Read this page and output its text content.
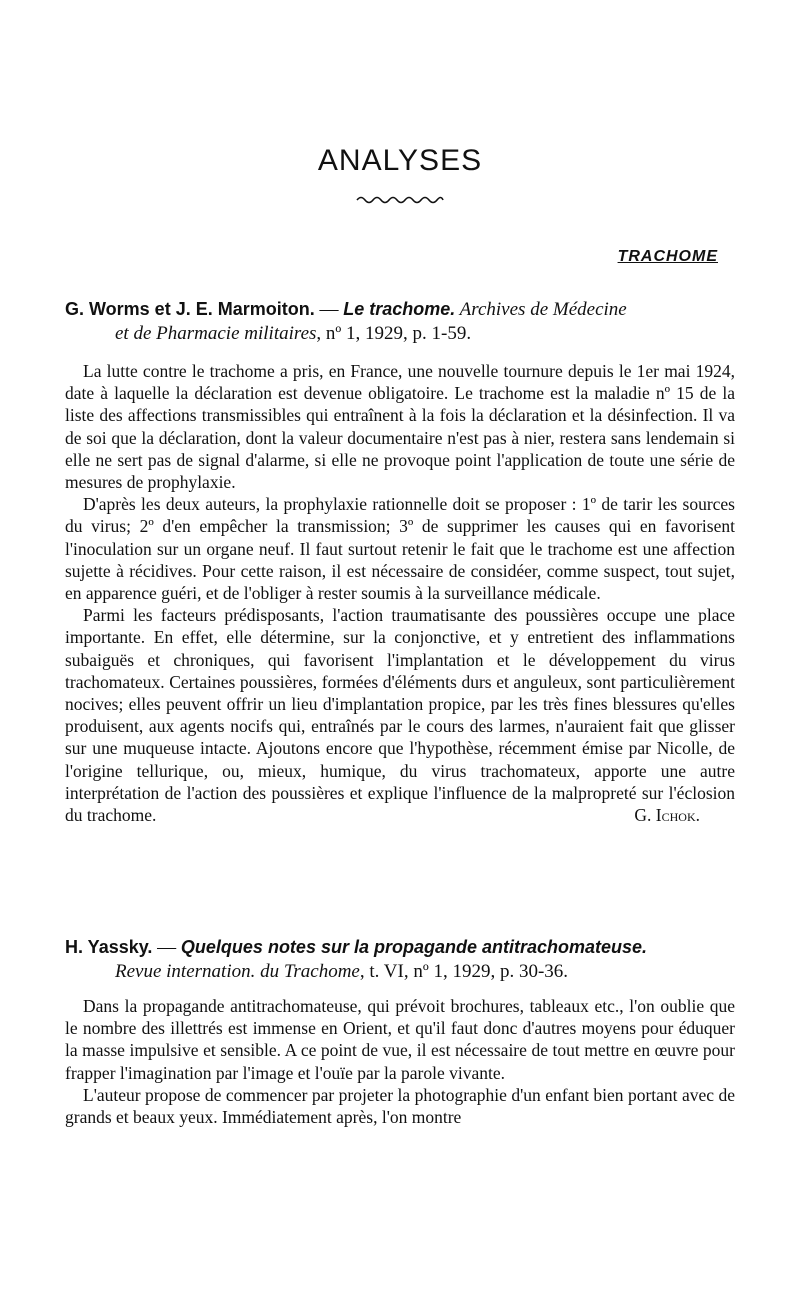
ANALYSES
TRACHOME
G. Worms et J. E. Marmoiton. — Le trachome. Archives de Médecine
et de Pharmacie militaires, nº 1, 1929, p. 1-59.

La lutte contre le trachome a pris, en France, une nouvelle tournure depuis le 1er mai 1924, date à laquelle la déclaration est devenue obligatoire. Le trachome est la maladie nº 15 de la liste des affections transmissibles qui entraînent à la fois la déclaration et la désinfection. Il va de soi que la déclaration, dont la valeur documentaire n'est pas à nier, restera sans lendemain si elle ne sert pas de signal d'alarme, si elle ne provoque point l'application de toute une série de mesures de prophylaxie.

D'après les deux auteurs, la prophylaxie rationnelle doit se proposer : 1º de tarir les sources du virus; 2º d'en empêcher la transmission; 3º de supprimer les causes qui en favorisent l'inoculation sur un organe neuf. Il faut surtout retenir le fait que le trachome est une affection sujette à récidives. Pour cette raison, il est nécessaire de considéer, comme suspect, tout sujet, en apparence guéri, et de l'obliger à rester soumis à la surveillance médicale.

Parmi les facteurs prédisposants, l'action traumatisante des poussières occupe une place importante. En effet, elle détermine, sur la conjonctive, et y entretient des inflammations subaiguës et chroniques, qui favorisent l'implantation et le développement du virus trachomateux. Certaines poussières, formées d'éléments durs et anguleux, sont particulièrement nocives; elles peuvent offrir un lieu d'implantation propice, par les très fines blessures qu'elles produisent, aux agents nocifs qui, entraînés par le cours des larmes, n'auraient fait que glisser sur une muqueuse intacte. Ajoutons encore que l'hypothèse, récemment émise par Nicolle, de l'origine tellurique, ou, mieux, humique, du virus trachomateux, apporte une autre interprétation de l'action des poussières et explique l'influence de la malpropreté sur l'éclosion du trachome.	G. Ichok.

H. Yassky. — Quelques notes sur la propagande antitrachomateuse.
Revue internation. du Trachome, t. VI, nº 1, 1929, p. 30-36.

Dans la propagande antitrachomateuse, qui prévoit brochures, tableaux etc., l'on oublie que le nombre des illettrés est immense en Orient, et qu'il faut donc d'autres moyens pour éduquer la masse impulsive et sensible. A ce point de vue, il est nécessaire de tout mettre en œuvre pour frapper l'imagination par l'image et l'ouïe par la parole vivante.

L'auteur propose de commencer par projeter la photographie d'un enfant bien portant avec de grands et beaux yeux. Immédiatement après, l'on montre
